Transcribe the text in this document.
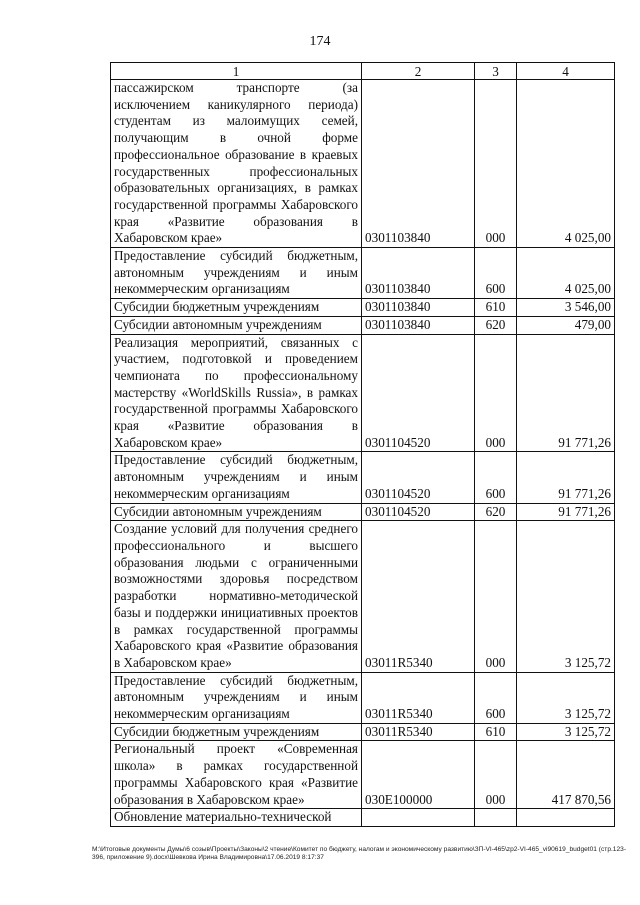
174
1	2	3	4
пассажирском транспорте (за исключением каникулярного периода) студентам из малоимущих семей, получающим в очной форме профессиональное образование в краевых государственных профессиональных образовательных организациях, в рамках государственной программы Хабаровского края «Развитие образования в Хабаровском крае»	0301103840	000	4 025,00
Предоставление субсидий бюджетным, автономным учреждениям и иным некоммерческим организациям	0301103840	600	4 025,00
Субсидии бюджетным учреждениям	0301103840	610	3 546,00
Субсидии автономным учреждениям	0301103840	620	479,00
Реализация мероприятий, связанных с участием, подготовкой и проведением чемпионата по профессиональному мастерству «WorldSkills Russia», в рамках государственной программы Хабаровского края «Развитие образования в Хабаровском крае»	0301104520	000	91 771,26
Предоставление субсидий бюджетным, автономным учреждениям и иным некоммерческим организациям	0301104520	600	91 771,26
Субсидии автономным учреждениям	0301104520	620	91 771,26
Создание условий для получения среднего профессионального и высшего образования людьми с ограниченными возможностями здоровья посредством разработки нормативно-методической базы и поддержки инициативных проектов в рамках государственной программы Хабаровского края «Развитие образования в Хабаровском крае»	03011R5340	000	3 125,72
Предоставление субсидий бюджетным, автономным учреждениям и иным некоммерческим организациям	03011R5340	600	3 125,72
Субсидии бюджетным учреждениям	03011R5340	610	3 125,72
Региональный проект «Современная школа» в рамках государственной программы Хабаровского края «Развитие образования в Хабаровском крае»	030E100000	000	417 870,56
Обновление материально-технической			
M:\Итоговые документы Думы\6 созыв\Проекты\Законы\2 чтение\Комитет по бюджету, налогам и экономическому развитию\ЗП-VI-465\zp2-VI-465_vi90619_budget01 (стр.123-396, приложение 9).docx\Шевкова Ирина Владимировна\17.06.2019 8:17:37
